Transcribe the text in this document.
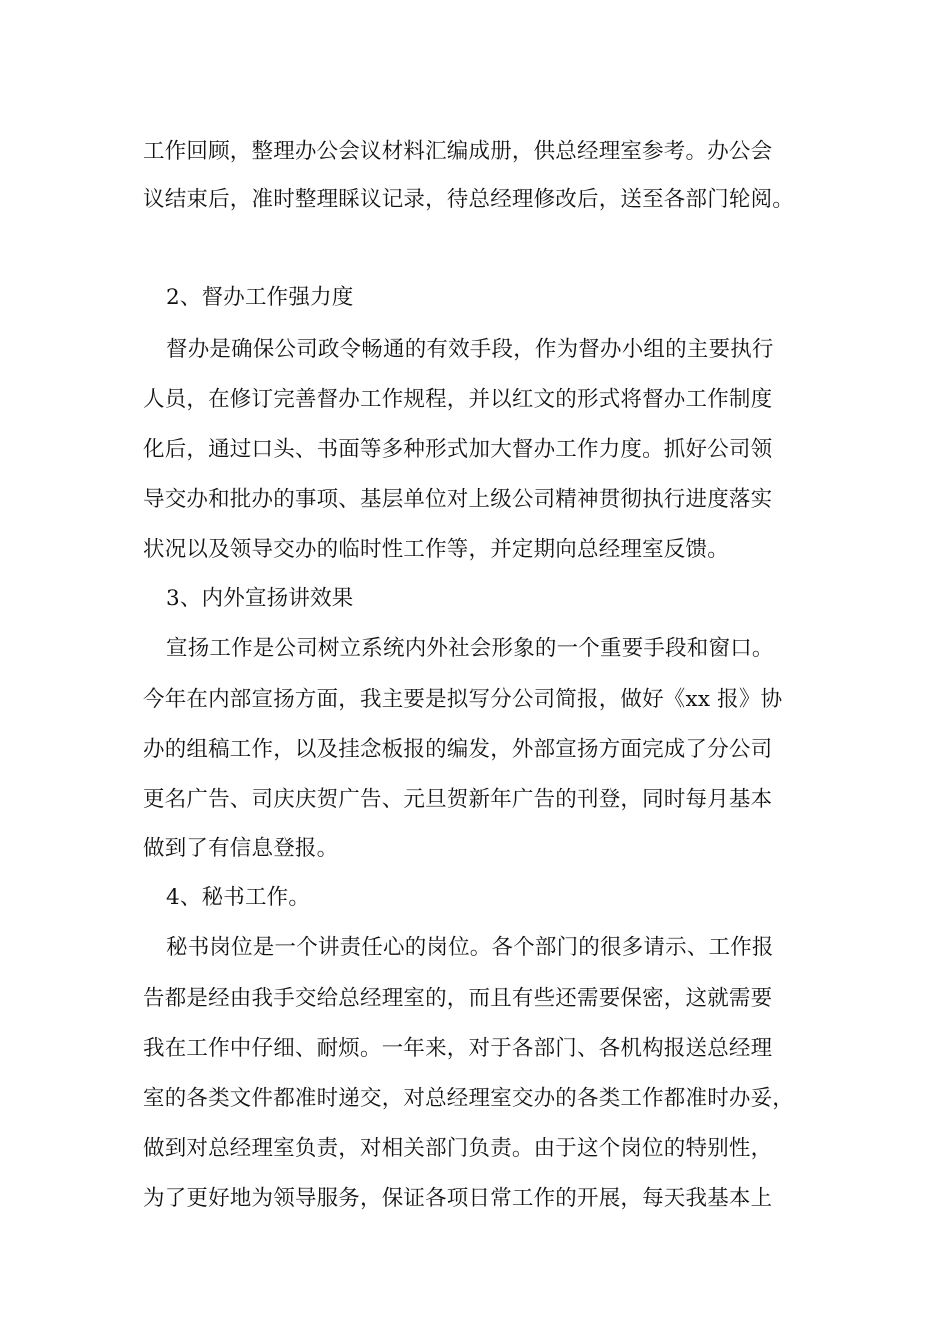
工作回顾，整理办公会议材料汇编成册，供总经理室参考。办公会
议结束后，准时整理睬议记录，待总经理修改后，送至各部门轮阅。
2、督办工作强力度
督办是确保公司政令畅通的有效手段，作为督办小组的主要执行
人员，在修订完善督办工作规程，并以红文的形式将督办工作制度
化后，通过口头、书面等多种形式加大督办工作力度。抓好公司领
导交办和批办的事项、基层单位对上级公司精神贯彻执行进度落实
状况以及领导交办的临时性工作等，并定期向总经理室反馈。
3、内外宣扬讲效果
宣扬工作是公司树立系统内外社会形象的一个重要手段和窗口。
今年在内部宣扬方面，我主要是拟写分公司简报，做好《xx 报》协
办的组稿工作，以及挂念板报的编发，外部宣扬方面完成了分公司
更名广告、司庆庆贺广告、元旦贺新年广告的刊登，同时每月基本
做到了有信息登报。
4、秘书工作。
秘书岗位是一个讲责任心的岗位。各个部门的很多请示、工作报
告都是经由我手交给总经理室的，而且有些还需要保密，这就需要
我在工作中仔细、耐烦。一年来，对于各部门、各机构报送总经理
室的各类文件都准时递交，对总经理室交办的各类工作都准时办妥，
做到对总经理室负责，对相关部门负责。由于这个岗位的特别性，
为了更好地为领导服务，保证各项日常工作的开展，每天我基本上
